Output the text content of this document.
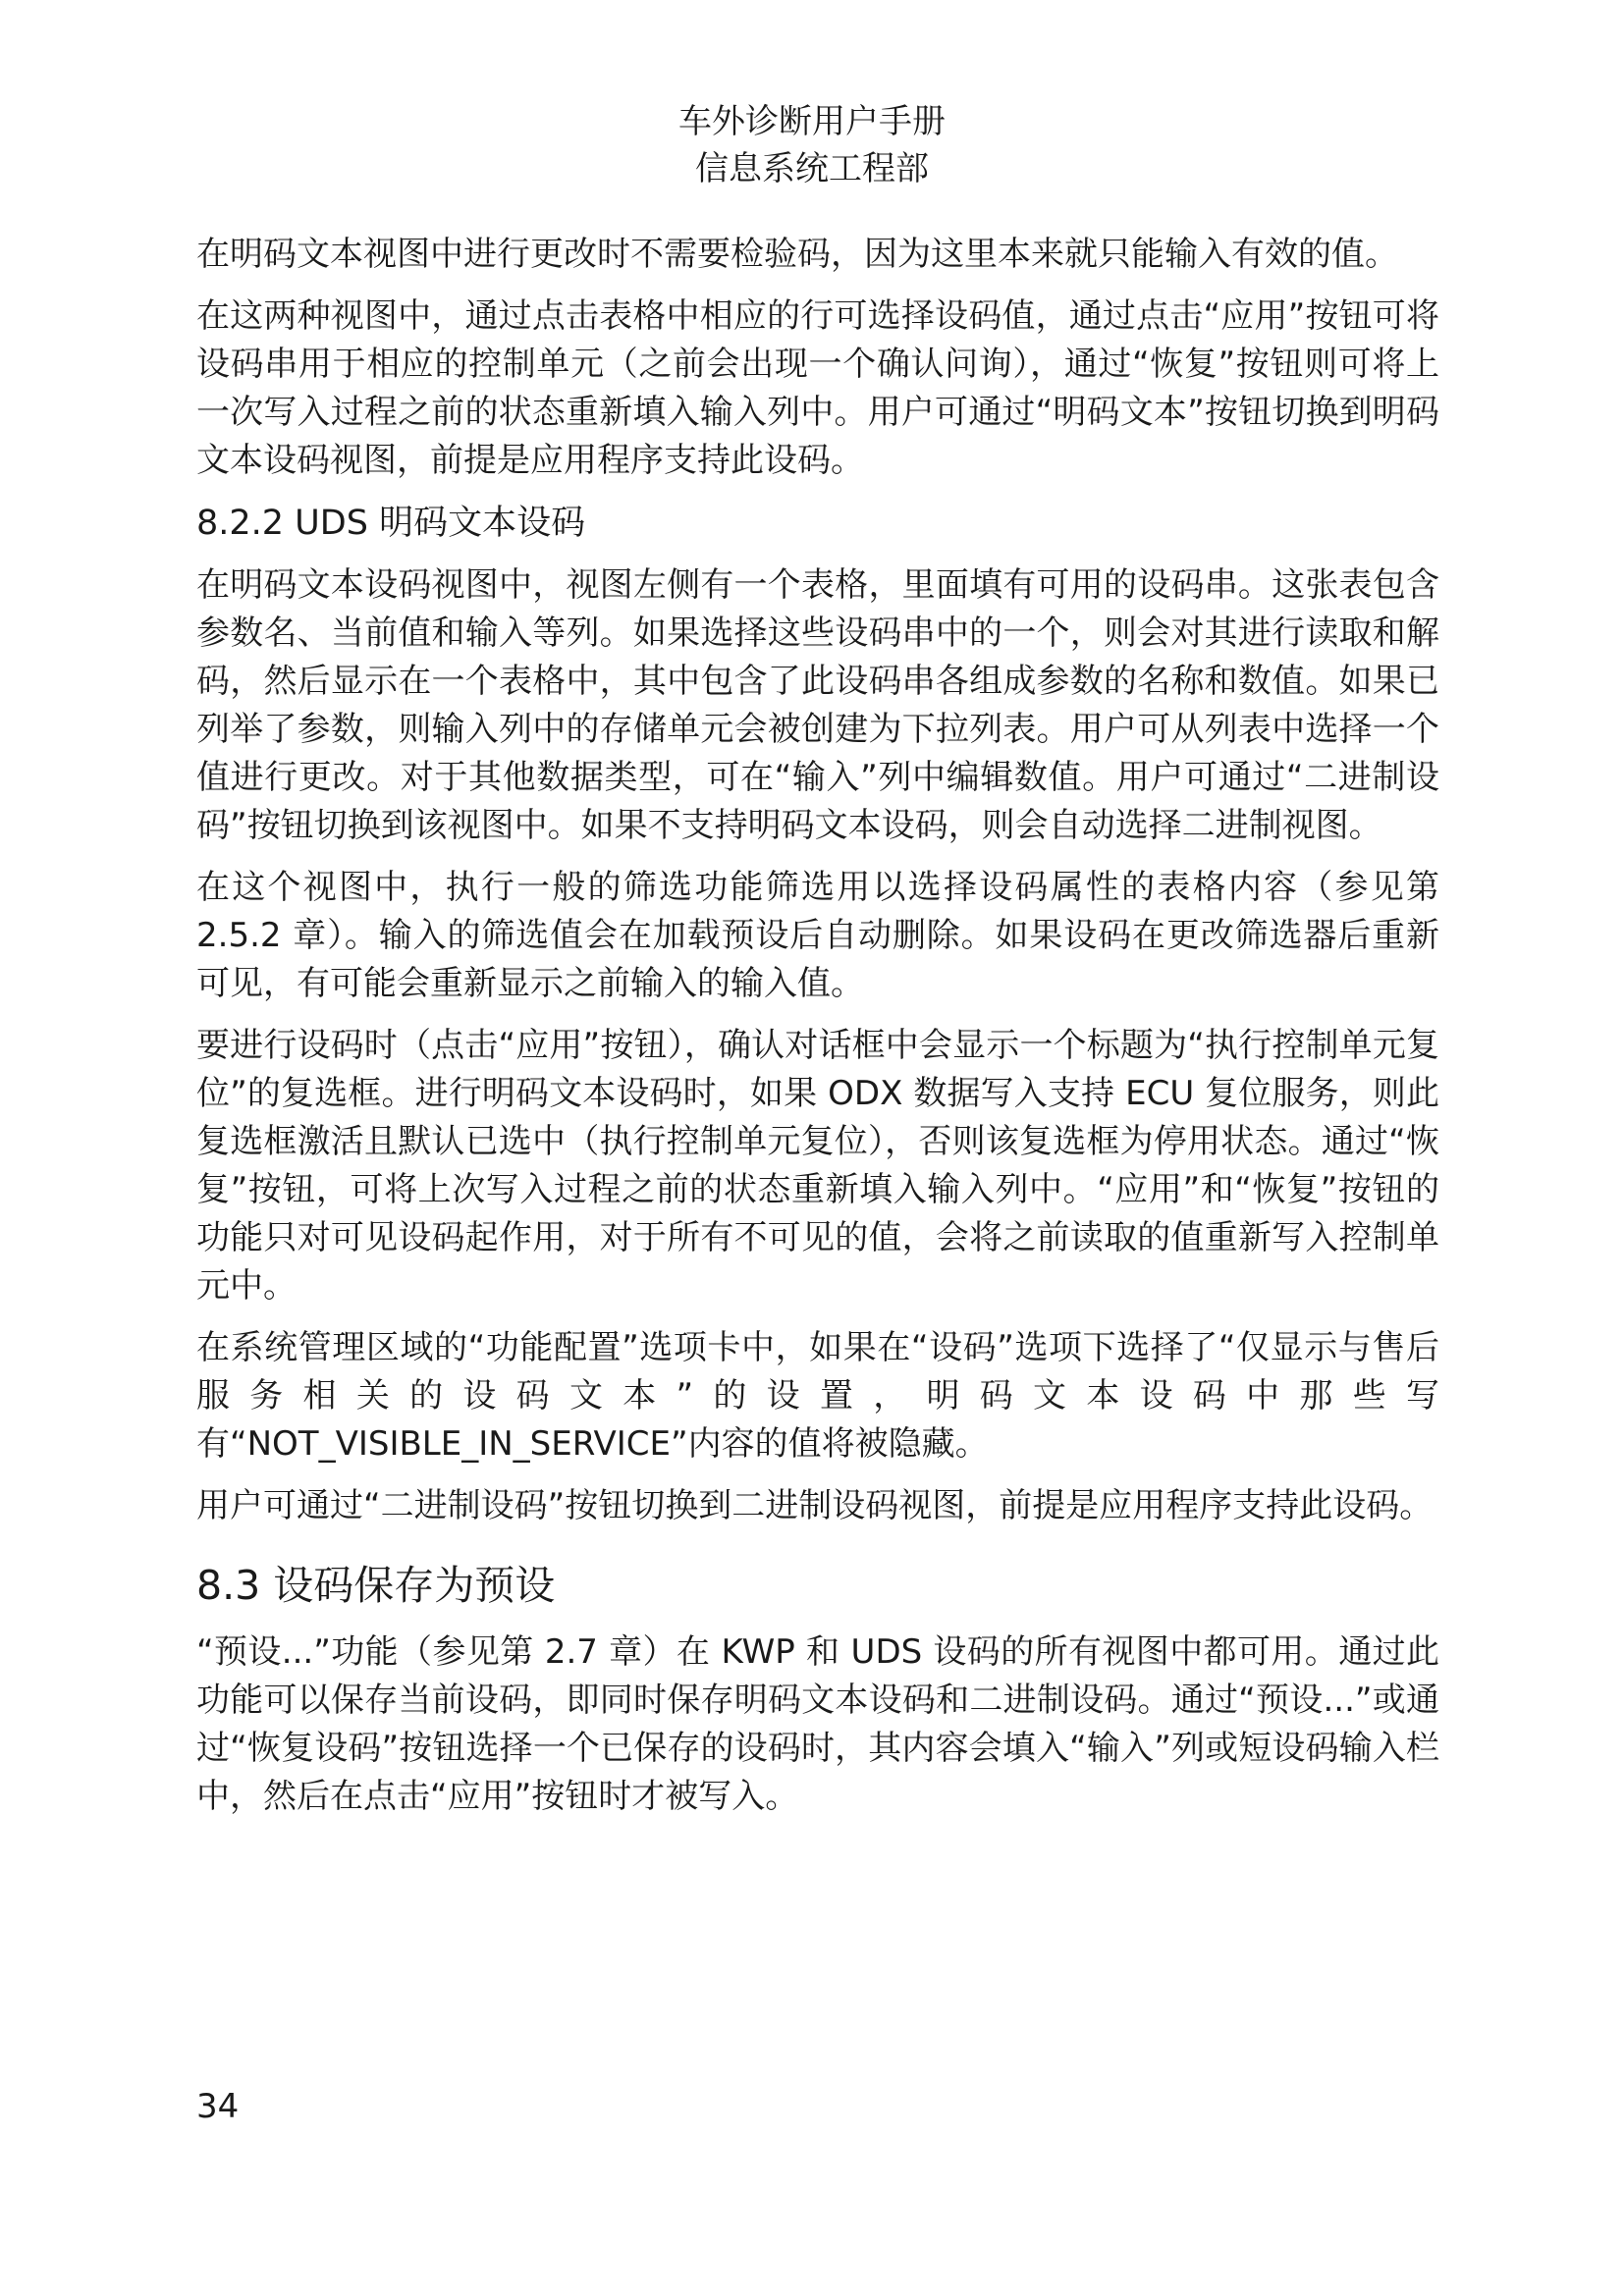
车外诊断用户手册
信息系统工程部

在明码文本视图中进行更改时不需要检验码，因为这里本来就只能输入有效的值。

在这两种视图中，通过点击表格中相应的行可选择设码值，通过点击“应用”按钮可将设码串用于相应的控制单元（之前会出现一个确认问询），通过“恢复”按钮则可将上一次写入过程之前的状态重新填入输入列中。用户可通过“明码文本”按钮切换到明码文本设码视图，前提是应用程序支持此设码。

8.2.2 UDS 明码文本设码

在明码文本设码视图中，视图左侧有一个表格，里面填有可用的设码串。这张表包含参数名、当前值和输入等列。如果选择这些设码串中的一个，则会对其进行读取和解码，然后显示在一个表格中，其中包含了此设码串各组成参数的名称和数值。如果已列举了参数，则输入列中的存储单元会被创建为下拉列表。用户可从列表中选择一个值进行更改。对于其他数据类型，可在“输入”列中编辑数值。用户可通过“二进制设码”按钮切换到该视图中。如果不支持明码文本设码，则会自动选择二进制视图。

在这个视图中，执行一般的筛选功能筛选用以选择设码属性的表格内容（参见第 2.5.2 章）。输入的筛选值会在加载预设后自动删除。如果设码在更改筛选器后重新可见，有可能会重新显示之前输入的输入值。

要进行设码时（点击“应用”按钮），确认对话框中会显示一个标题为“执行控制单元复位”的复选框。进行明码文本设码时，如果 ODX 数据写入支持 ECU 复位服务，则此复选框激活且默认已选中（执行控制单元复位），否则该复选框为停用状态。通过“恢复”按钮，可将上次写入过程之前的状态重新填入输入列中。“应用”和“恢复”按钮的功能只对可见设码起作用，对于所有不可见的值，会将之前读取的值重新写入控制单元中。

在系统管理区域的“功能配置”选项卡中，如果在“设码”选项下选择了“仅显示与售后服务相关的设码文本”的设置，明码文本设码中那些写有“NOT_VISIBLE_IN_SERVICE”内容的值将被隐藏。

用户可通过“二进制设码”按钮切换到二进制设码视图，前提是应用程序支持此设码。

8.3 设码保存为预设

“预设...”功能（参见第 2.7 章）在 KWP 和 UDS 设码的所有视图中都可用。通过此功能可以保存当前设码，即同时保存明码文本设码和二进制设码。通过“预设...”或通过“恢复设码”按钮选择一个已保存的设码时，其内容会填入“输入”列或短设码输入栏中，然后在点击“应用”按钮时才被写入。

34
